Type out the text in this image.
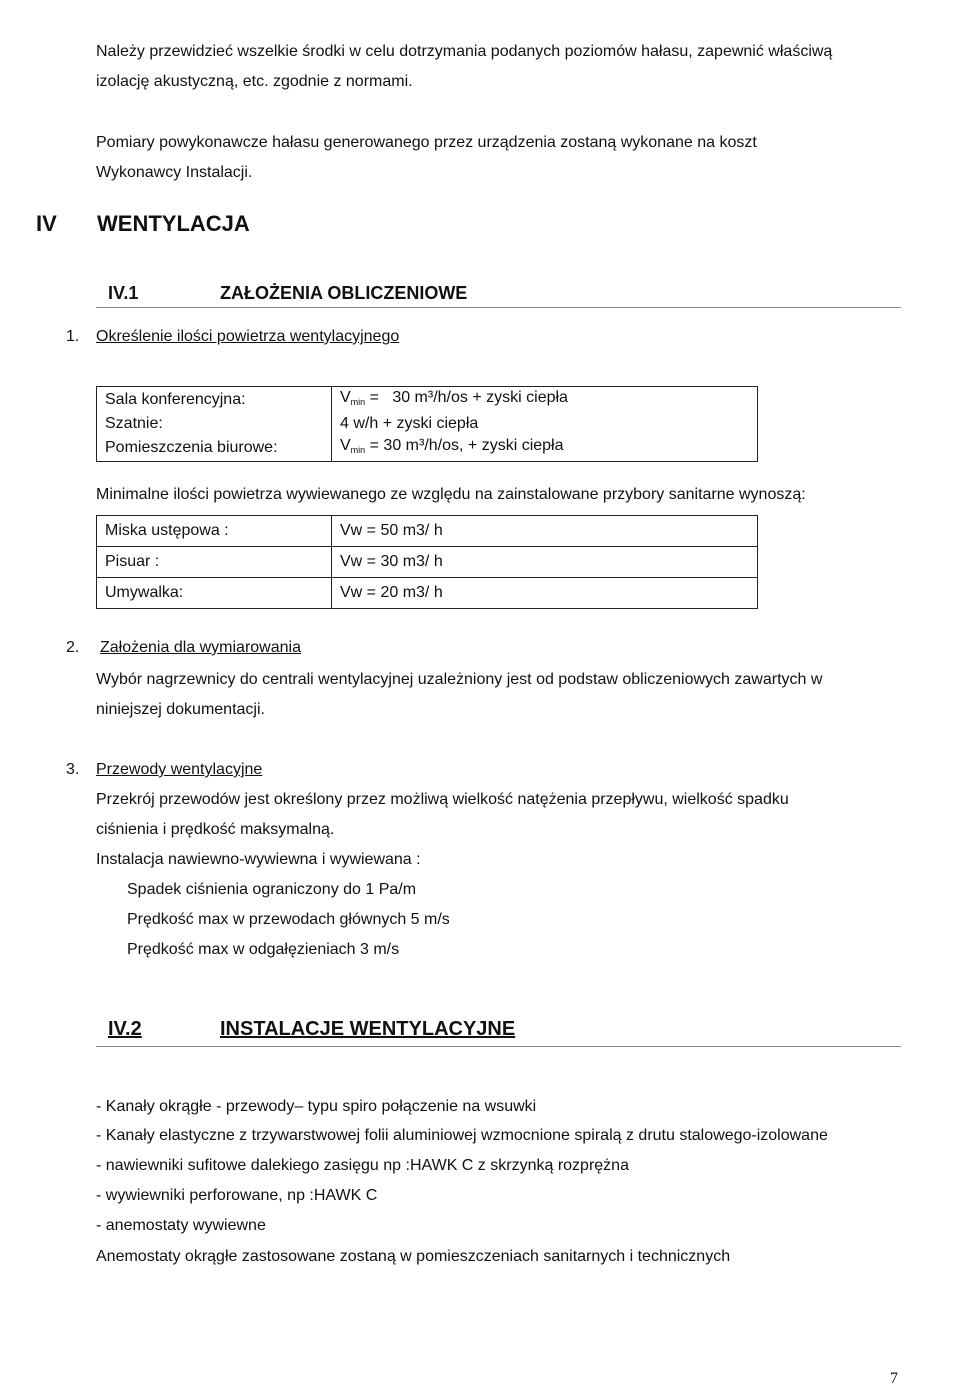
Należy przewidzieć wszelkie środki w celu dotrzymania podanych poziomów hałasu, zapewnić właściwą
izolację akustyczną, etc. zgodnie z normami.
Pomiary powykonawcze hałasu generowanego przez urządzenia zostaną wykonane na koszt
Wykonawcy Instalacji.
IV WENTYLACJA
IV.1	ZAŁOŻENIA OBLICZENIOWE
1. Określenie ilości powietrza wentylacyjnego
Sala konferencyjna:	$V_{min} = 30$ m³/h/os + zyski ciepła
Szatnie:	4 w/h + zyski ciepła
Pomieszczenia biurowe:	$V_{min} = 30$ m³/h/os, + zyski ciepła
Minimalne ilości powietrza wywiewanego ze względu na zainstalowane przybory sanitarne wynoszą:
Miska ustępowa :	Vw = 50 m3/ h
Pisuar :	Vw = 30 m3/ h
Umywalka:	Vw = 20 m3/ h
2. Założenia dla wymiarowania
Wybór nagrzewnicy do centrali wentylacyjnej uzależniony jest od podstaw obliczeniowych zawartych w
niniejszej dokumentacji.
3. Przewody wentylacyjne
Przekrój przewodów jest określony przez możliwą wielkość natężenia przepływu, wielkość spadku
ciśnienia i prędkość maksymalną.
Instalacja nawiewno-wywiewna i wywiewana :
Spadek ciśnienia ograniczony do 1 Pa/m
Prędkość max w przewodach głównych 5 m/s
Prędkość max w odgałęzieniach 3 m/s
IV.2	INSTALACJE WENTYLACYJNE
- Kanały okrągłe - przewody– typu spiro połączenie na wsuwki
- Kanały elastyczne z trzywarstwowej folii aluminiowej wzmocnione spiralą z drutu stalowego-izolowane
- nawiewniki sufitowe dalekiego zasięgu np :HAWK C z skrzynką rozprężna
- wywiewniki perforowane, np :HAWK C
- anemostaty wywiewne
Anemostaty okrągłe zastosowane zostaną w pomieszczeniach sanitarnych i technicznych
7
